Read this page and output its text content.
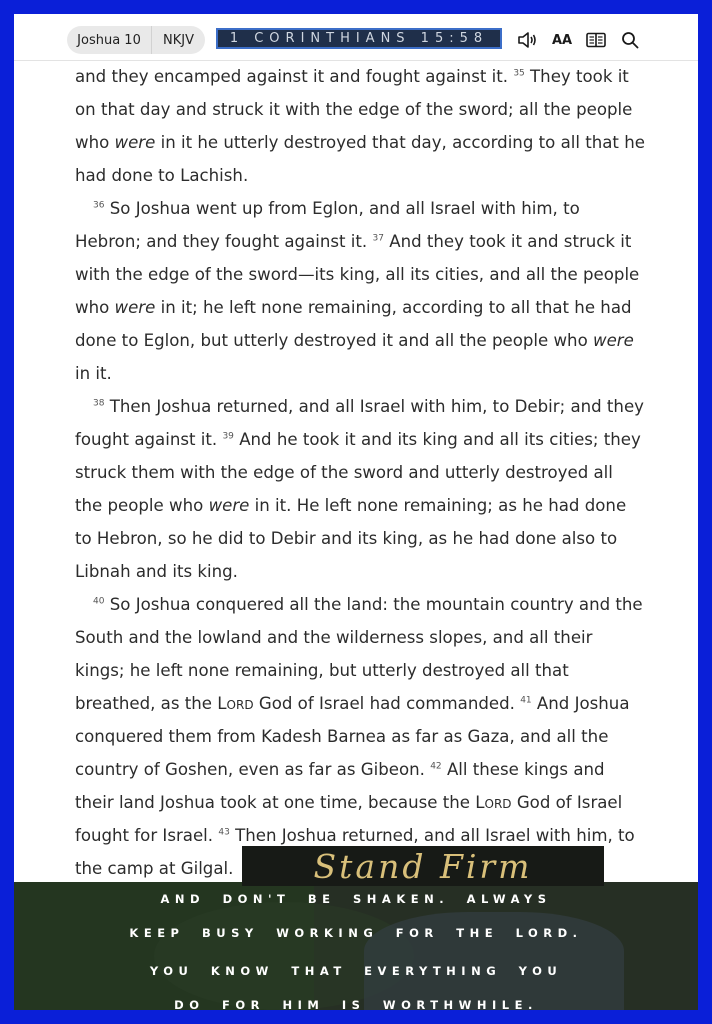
Joshua 10	NKJV	1 CORINTHIANS 15:58	AA

and they encamped against it and fought against it. $^{35}$ They took it on that day and struck it with the edge of the sword; all the people who were in it he utterly destroyed that day, according to all that he had done to Lachish.

$^{36}$ So Joshua went up from Eglon, and all Israel with him, to Hebron; and they fought against it. $^{37}$ And they took it and struck it with the edge of the sword—its king, all its cities, and all the people who were in it; he left none remaining, according to all that he had done to Eglon, but utterly destroyed it and all the people who were in it.

$^{38}$ Then Joshua returned, and all Israel with him, to Debir; and they fought against it. $^{39}$ And he took it and its king and all its cities; they struck them with the edge of the sword and utterly destroyed all the people who were in it. He left none remaining; as he had done to Hebron, so he did to Debir and its king, as he had done also to Libnah and its king.

$^{40}$ So Joshua conquered all the land: the mountain country and the South and the lowland and the wilderness slopes, and all their kings; he left none remaining, but utterly destroyed all that breathed, as the Lord God of Israel had commanded. $^{41}$ And Joshua conquered them from Kadesh Barnea as far as Gaza, and all the country of Goshen, even as far as Gibeon. $^{42}$ All these kings and their land Joshua took at one time, because the Lord God of Israel fought for Israel. $^{43}$ Then Joshua returned, and all Israel with him, to the camp at Gilgal.	Stand Firm
AND DON'T BE SHAKEN. ALWAYS
KEEP BUSY WORKING FOR THE LORD.
YOU KNOW THAT EVERYTHING YOU
DO FOR HIM IS WORTHWHILE.
